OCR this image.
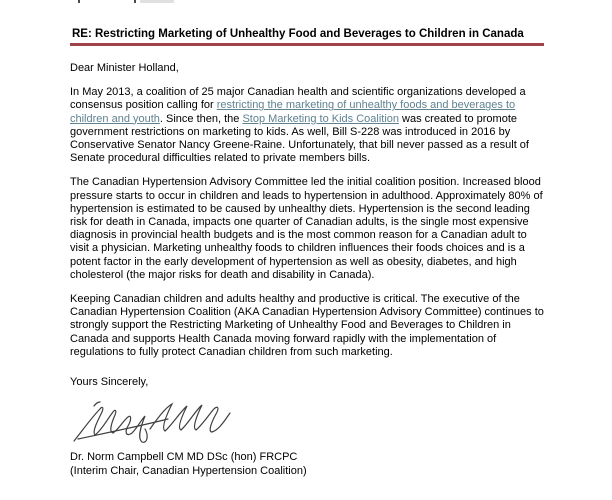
RE: Restricting Marketing of Unhealthy Food and Beverages to Children in Canada

Dear Minister Holland,

In May 2013, a coalition of 25 major Canadian health and scientific organizations developed a consensus position calling for restricting the marketing of unhealthy foods and beverages to children and youth. Since then, the Stop Marketing to Kids Coalition was created to promote government restrictions on marketing to kids. As well, Bill S-228 was introduced in 2016 by Conservative Senator Nancy Greene-Raine. Unfortunately, that bill never passed as a result of Senate procedural difficulties related to private members bills.

The Canadian Hypertension Advisory Committee led the initial coalition position. Increased blood pressure starts to occur in children and leads to hypertension in adulthood. Approximately 80% of hypertension is estimated to be caused by unhealthy diets. Hypertension is the second leading risk for death in Canada, impacts one quarter of Canadian adults, is the single most expensive diagnosis in provincial health budgets and is the most common reason for a Canadian adult to visit a physician. Marketing unhealthy foods to children influences their foods choices and is a potent factor in the early development of hypertension as well as obesity, diabetes, and high cholesterol (the major risks for death and disability in Canada).

Keeping Canadian children and adults healthy and productive is critical. The executive of the Canadian Hypertension Coalition (AKA Canadian Hypertension Advisory Committee) continues to strongly support the Restricting Marketing of Unhealthy Food and Beverages to Children in Canada and supports Health Canada moving forward rapidly with the implementation of regulations to fully protect Canadian children from such marketing.

Yours Sincerely,

Dr. Norm Campbell CM MD DSc (hon) FRCPC

(Interim Chair, Canadian Hypertension Coalition)
